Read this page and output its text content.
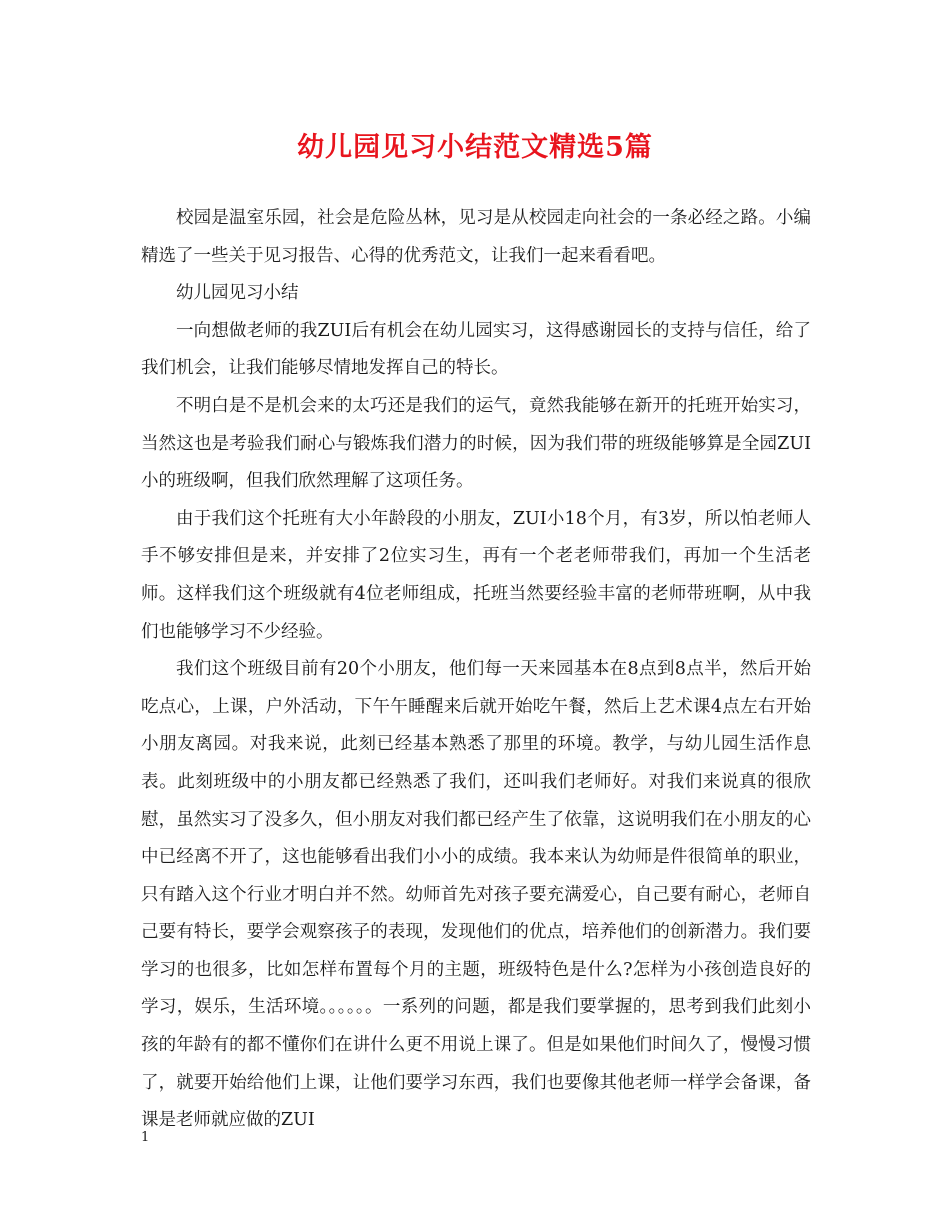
幼儿园见习小结范文精选5篇

校园是温室乐园，社会是危险丛林，见习是从校园走向社会的一条必经之路。小编精选了一些关于见习报告、心得的优秀范文，让我们一起来看看吧。

幼儿园见习小结

一向想做老师的我ZUI后有机会在幼儿园实习，这得感谢园长的支持与信任，给了我们机会，让我们能够尽情地发挥自己的特长。

不明白是不是机会来的太巧还是我们的运气，竟然我能够在新开的托班开始实习，当然这也是考验我们耐心与锻炼我们潜力的时候，因为我们带的班级能够算是全园ZUI小的班级啊，但我们欣然理解了这项任务。

由于我们这个托班有大小年龄段的小朋友，ZUI小18个月，有3岁，所以怕老师人手不够安排但是来，并安排了2位实习生，再有一个老老师带我们，再加一个生活老师。这样我们这个班级就有4位老师组成，托班当然要经验丰富的老师带班啊，从中我们也能够学习不少经验。

我们这个班级目前有20个小朋友，他们每一天来园基本在8点到8点半，然后开始吃点心，上课，户外活动，下午午睡醒来后就开始吃午餐，然后上艺术课4点左右开始小朋友离园。对我来说，此刻已经基本熟悉了那里的环境。教学，与幼儿园生活作息表。此刻班级中的小朋友都已经熟悉了我们，还叫我们老师好。对我们来说真的很欣慰，虽然实习了没多久，但小朋友对我们都已经产生了依靠，这说明我们在小朋友的心中已经离不开了，这也能够看出我们小小的成绩。我本来认为幼师是件很简单的职业，只有踏入这个行业才明白并不然。幼师首先对孩子要充满爱心，自己要有耐心，老师自己要有特长，要学会观察孩子的表现，发现他们的优点，培养他们的创新潜力。我们要学习的也很多，比如怎样布置每个月的主题，班级特色是什么?怎样为小孩创造良好的学习，娱乐，生活环境。。。。。。一系列的问题，都是我们要掌握的，思考到我们此刻小孩的年龄有的都不懂你们在讲什么更不用说上课了。但是如果他们时间久了，慢慢习惯了，就要开始给他们上课，让他们要学习东西，我们也要像其他老师一样学会备课，备课是老师就应做的ZUI

1
